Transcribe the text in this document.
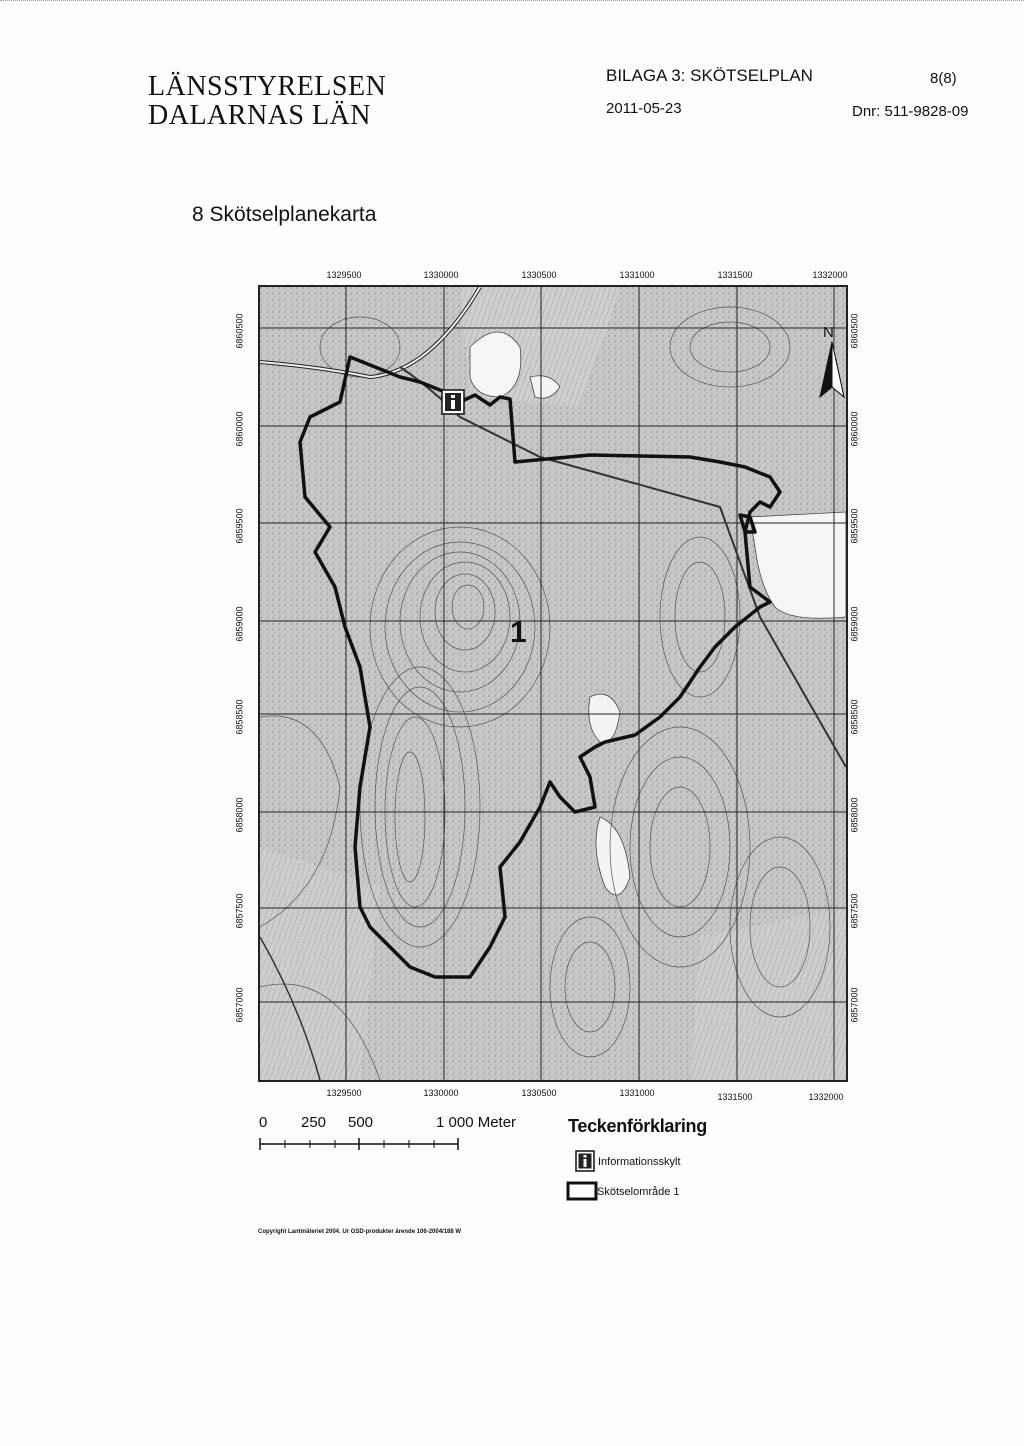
LÄNSSTYRELSEN
DALARNAS LÄN
BILAGA 3: SKÖTSELPLAN	8(8)
2011-05-23	Dnr: 511-9828-09
8 Skötselplanekarta
1329500	1330000	1330500	1331000	1331500	1332000
1329500	1330000	1330500	1331000	1331500	1332000
6860500
6860000
6859500
6859000
6858500
6858000
6857500
6857000
6860500
6860000
6859500
6859000
6858500
6858000
6857500
6857000
1
N
0 250 500	1 000 Meter	Teckenförklaring
Informationsskylt
Skötselområde 1
Copyright Lantmäteriet 2004. Ur GSD-produkter ärende 106-2004/188 W
